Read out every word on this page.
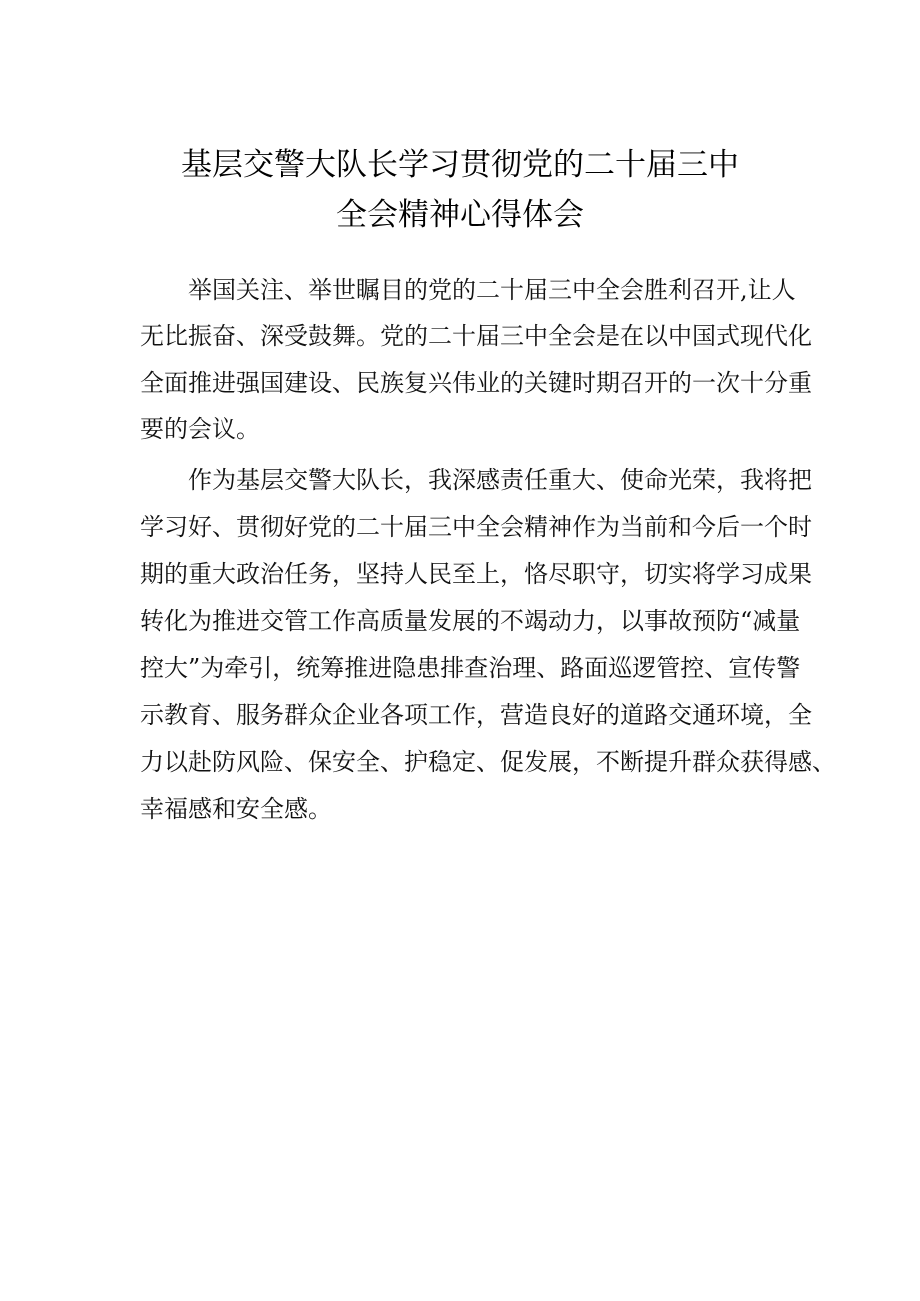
基层交警大队长学习贯彻党的二十届三中
全会精神心得体会
举国关注、举世瞩目的党的二十届三中全会胜利召开,让人
无比振奋、深受鼓舞。党的二十届三中全会是在以中国式现代化
全面推进强国建设、民族复兴伟业的关键时期召开的一次十分重
要的会议。
作为基层交警大队长，我深感责任重大、使命光荣，我将把
学习好、贯彻好党的二十届三中全会精神作为当前和今后一个时
期的重大政治任务，坚持人民至上，恪尽职守，切实将学习成果
转化为推进交管工作高质量发展的不竭动力，以事故预防“减量
控大”为牵引，统筹推进隐患排查治理、路面巡逻管控、宣传警
示教育、服务群众企业各项工作，营造良好的道路交通环境，全
力以赴防风险、保安全、护稳定、促发展，不断提升群众获得感、
幸福感和安全感。
